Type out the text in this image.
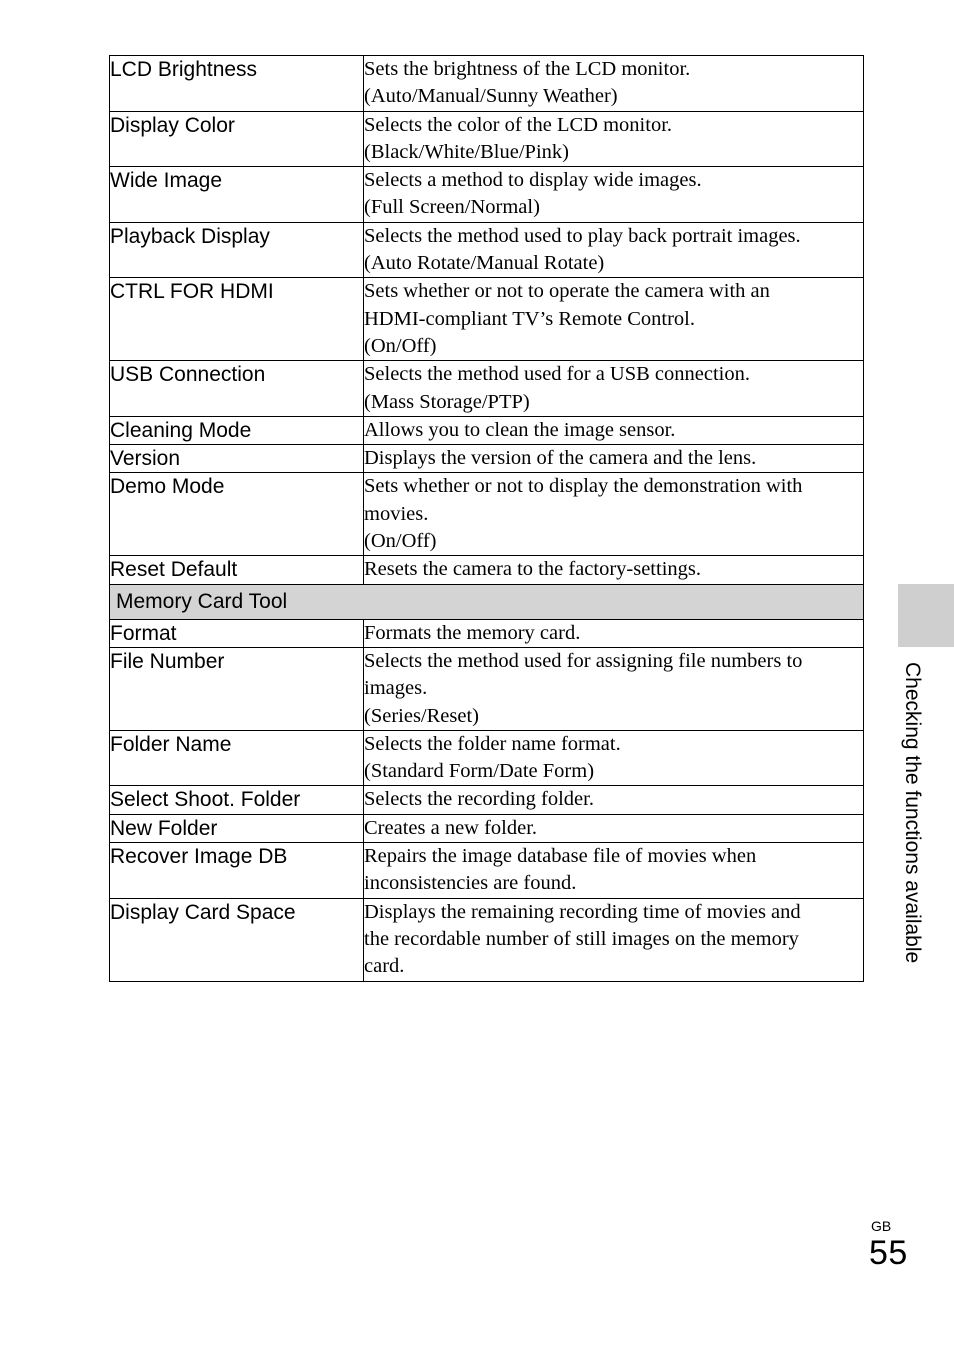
LCD Brightness	Sets the brightness of the LCD monitor.
(Auto/Manual/Sunny Weather)

Display Color	Selects the color of the LCD monitor.
(Black/White/Blue/Pink)

Wide Image	Selects a method to display wide images.
(Full Screen/Normal)

Playback Display	Selects the method used to play back portrait images.
(Auto Rotate/Manual Rotate)

CTRL FOR HDMI	Sets whether or not to operate the camera with an
HDMI-compliant TV’s Remote Control.
(On/Off)

USB Connection	Selects the method used for a USB connection.
(Mass Storage/PTP)

Cleaning Mode	Allows you to clean the image sensor.

Version	Displays the version of the camera and the lens.

Demo Mode	Sets whether or not to display the demonstration with
movies.
(On/Off)

Reset Default	Resets the camera to the factory-settings.

Memory Card Tool	
Format	Formats the memory card.

File Number	Selects the method used for assigning file numbers to
images.
(Series/Reset)

Folder Name	Selects the folder name format.
(Standard Form/Date Form)

Select Shoot. Folder	Selects the recording folder.

New Folder	Creates a new folder.

Recover Image DB	Repairs the image database file of movies when
inconsistencies are found.

Display Card Space	Displays the remaining recording time of movies and
the recordable number of still images on the memory
card.
Checking the functions available
GB
55
